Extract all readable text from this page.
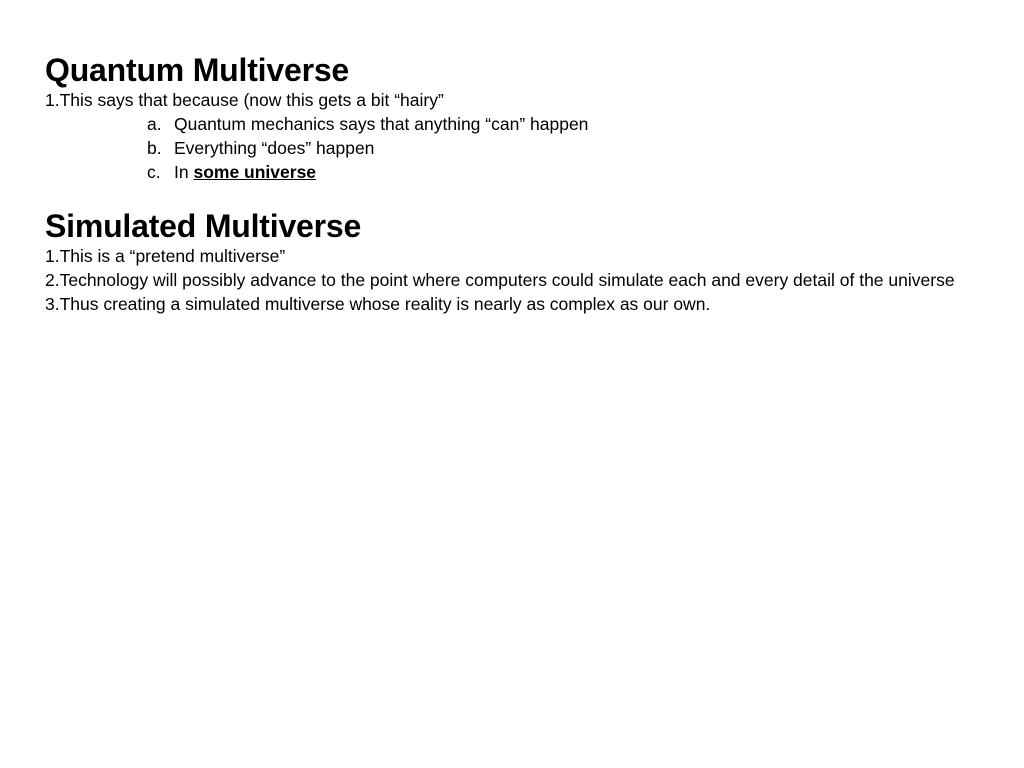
Quantum Multiverse

1.This says that because (now this gets a bit “hairy”

a. Quantum mechanics says that anything “can” happen

b. Everything “does” happen

c. In some universe

Simulated Multiverse

1.This is a “pretend multiverse”

2.Technology will possibly advance to the point where computers could simulate each and every detail of the universe

3.Thus creating a simulated multiverse whose reality is nearly as complex as our own.
